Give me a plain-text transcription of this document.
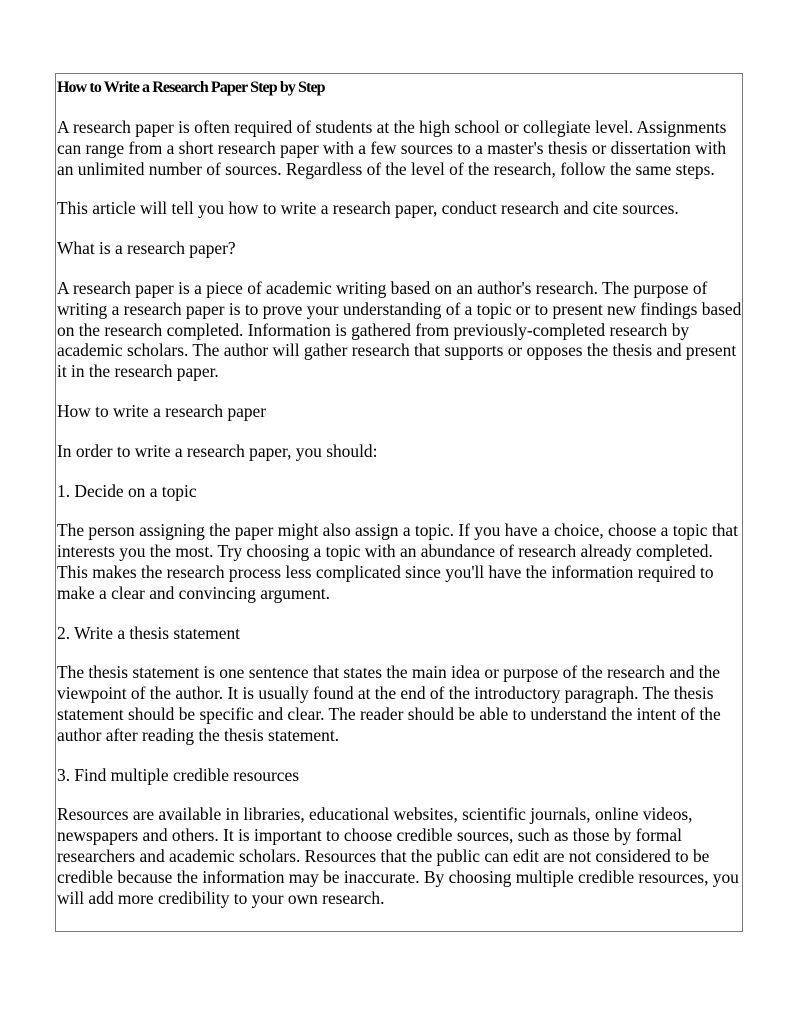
How to Write a Research Paper Step by Step

A research paper is often required of students at the high school or collegiate level. Assignments can range from a short research paper with a few sources to a master's thesis or dissertation with an unlimited number of sources. Regardless of the level of the research, follow the same steps.

This article will tell you how to write a research paper, conduct research and cite sources.

What is a research paper?

A research paper is a piece of academic writing based on an author's research. The purpose of writing a research paper is to prove your understanding of a topic or to present new findings based on the research completed. Information is gathered from previously-completed research by academic scholars. The author will gather research that supports or opposes the thesis and present it in the research paper.

How to write a research paper

In order to write a research paper, you should:

1. Decide on a topic

The person assigning the paper might also assign a topic. If you have a choice, choose a topic that interests you the most. Try choosing a topic with an abundance of research already completed. This makes the research process less complicated since you'll have the information required to make a clear and convincing argument.

2. Write a thesis statement

The thesis statement is one sentence that states the main idea or purpose of the research and the viewpoint of the author. It is usually found at the end of the introductory paragraph. The thesis statement should be specific and clear. The reader should be able to understand the intent of the author after reading the thesis statement.

3. Find multiple credible resources

Resources are available in libraries, educational websites, scientific journals, online videos, newspapers and others. It is important to choose credible sources, such as those by formal researchers and academic scholars. Resources that the public can edit are not considered to be credible because the information may be inaccurate. By choosing multiple credible resources, you will add more credibility to your own research.
